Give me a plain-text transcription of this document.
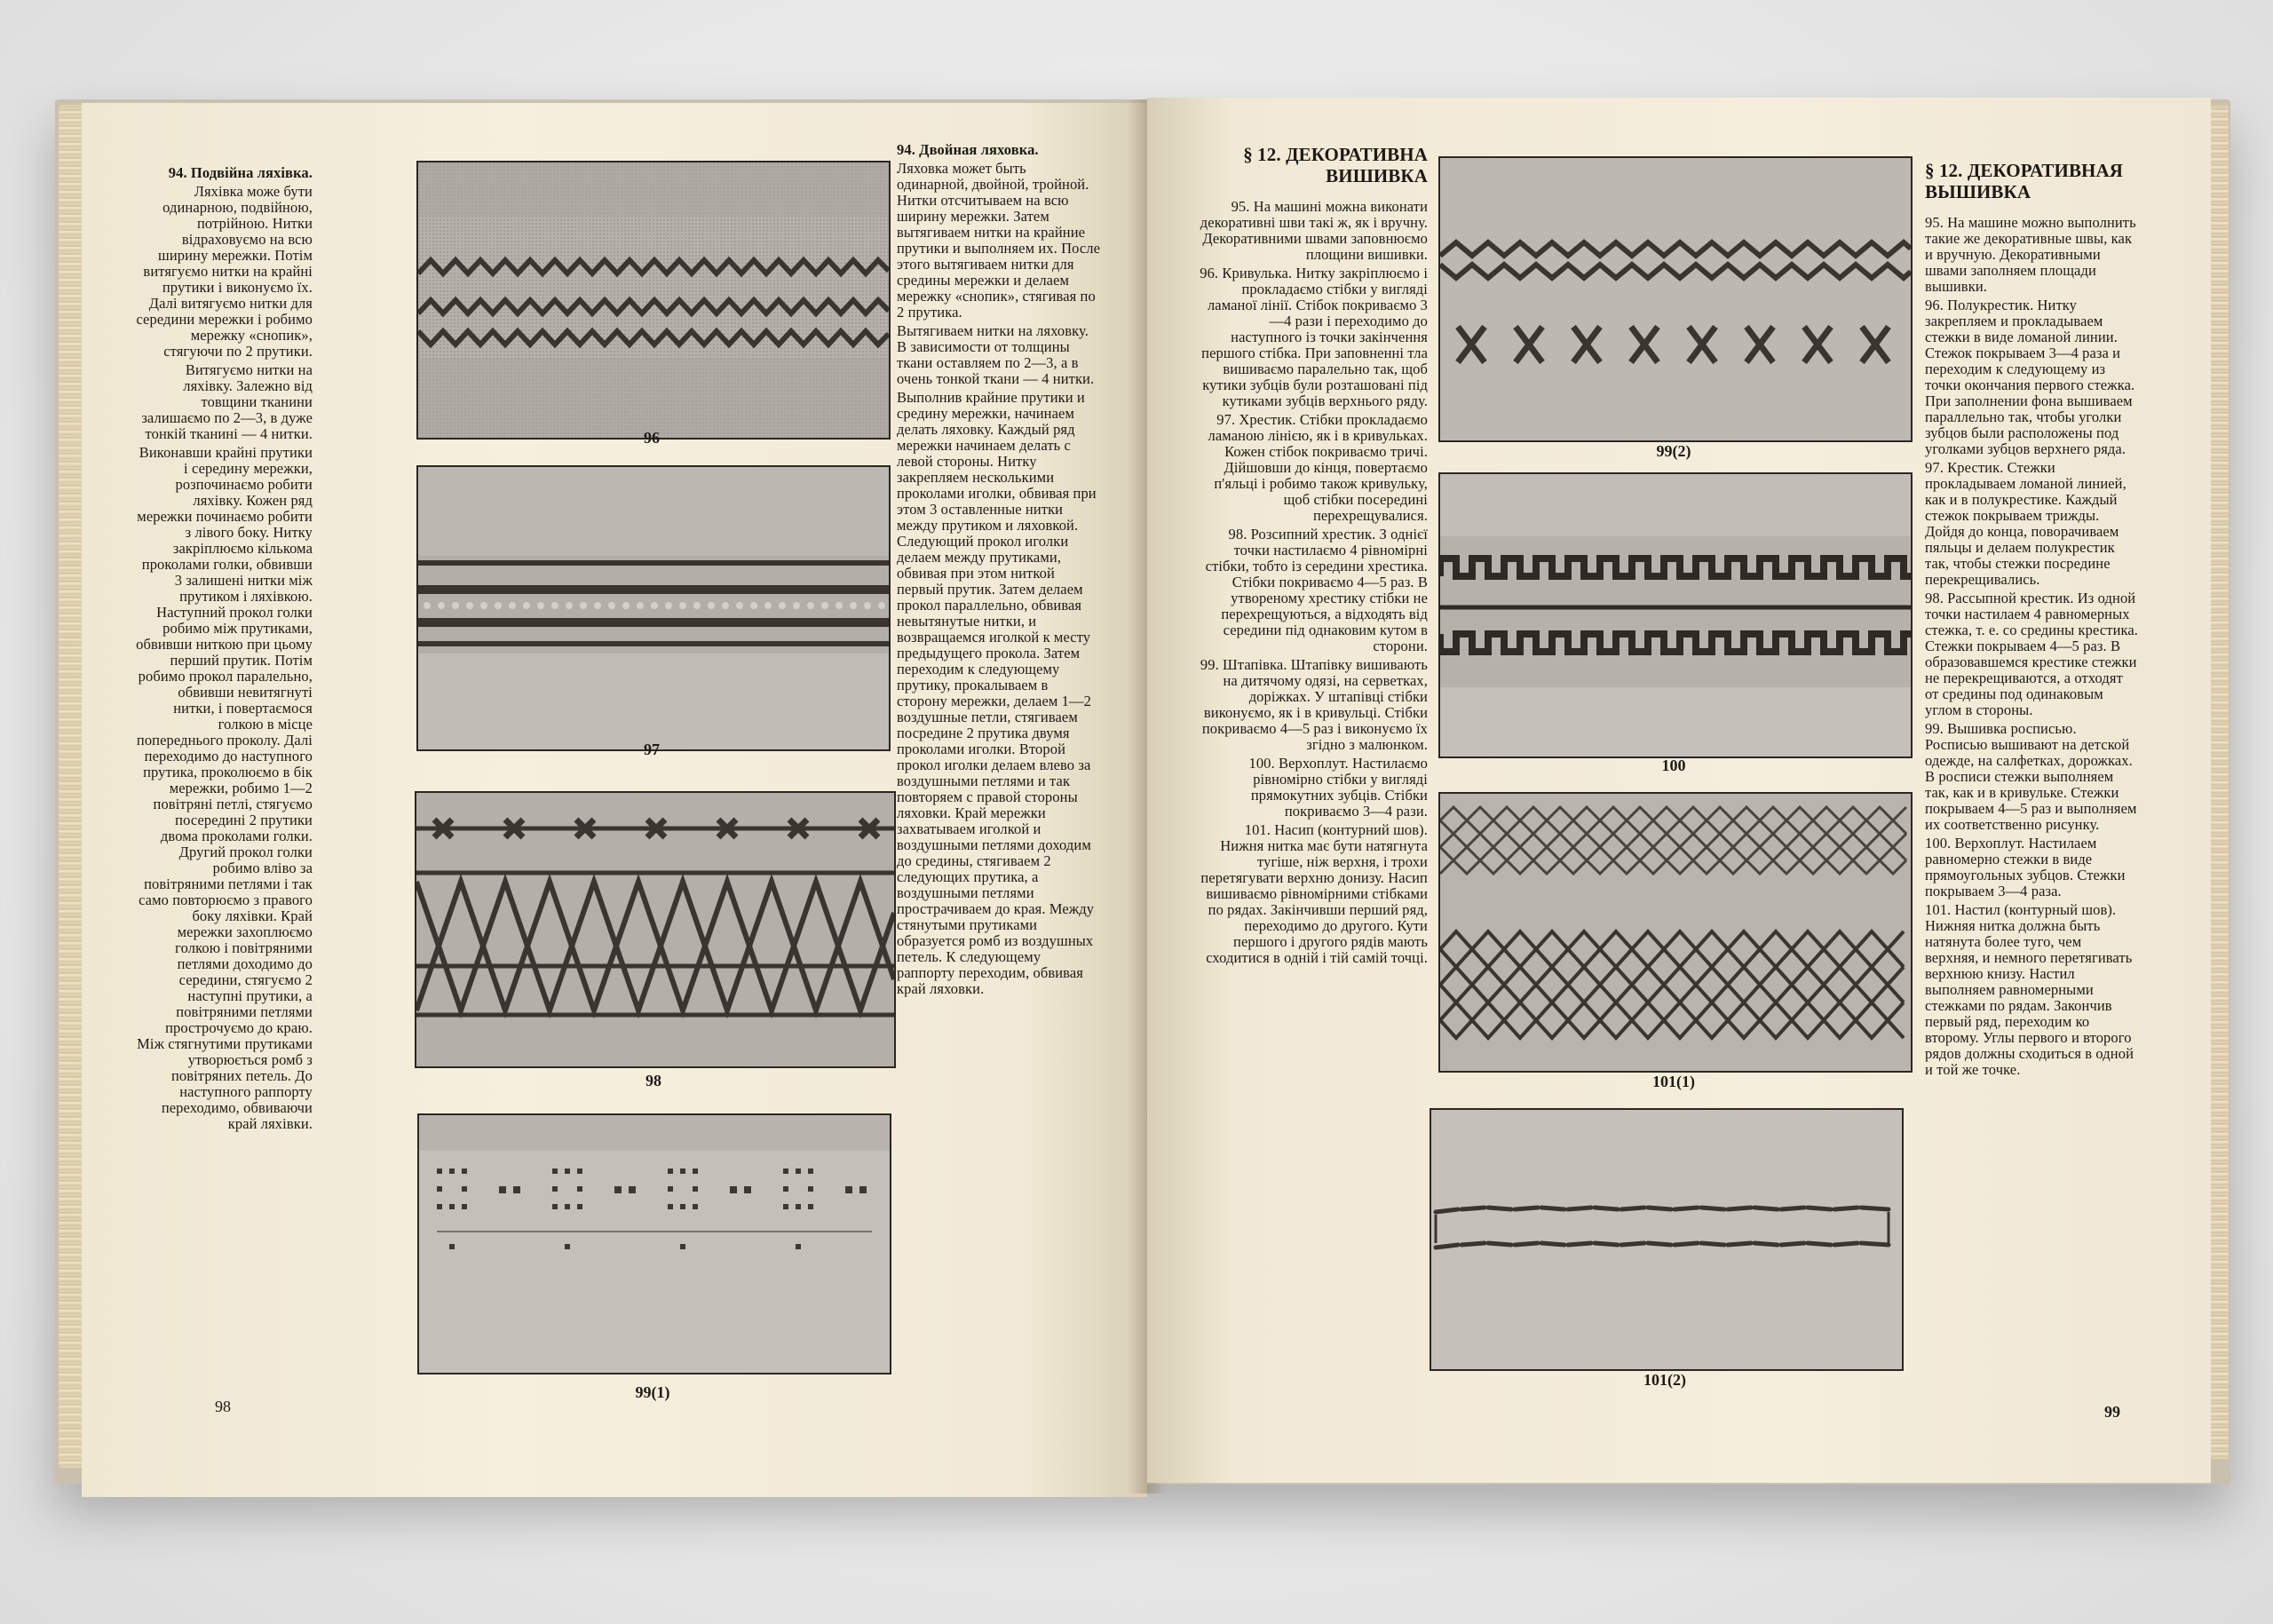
94. Подвійна ляхівка.

Ляхівка може бути одинарною, подвійною, потрійною. Нитки відраховуємо на всю ширину мережки. Потім витягуємо нитки на крайні прутики і виконуємо їх. Далі витягуємо нитки для середини мережки і робимо мережку «снопик», стягуючи по 2 прутики.

Витягуємо нитки на ляхівку. Залежно від товщини тканини залишаємо по 2—3, в дуже тонкій тканині — 4 нитки.

Виконавши крайні прутики і середину мережки, розпочинаємо робити ляхівку. Кожен ряд мережки починаємо робити з лівого боку. Нитку закріплюємо кількома проколами голки, обвивши 3 залишені нитки між прутиком і ляхівкою. Наступний прокол голки робимо між прутиками, обвивши ниткою при цьому перший прутик. Потім робимо прокол паралельно, обвивши невитягнуті нитки, і повертаємося голкою в місце попереднього проколу. Далі переходимо до наступного прутика, проколюємо в бік мережки, робимо 1—2 повітряні петлі, стягуємо посередині 2 прутики двома проколами голки. Другий прокол голки робимо вліво за повітряними петлями і так само повторюємо з правого боку ляхівки. Край мережки захоплюємо голкою і повітряними петлями доходимо до середини, стягуємо 2 наступні прутики, а повітряними петлями прострочуємо до краю. Між стягнутими прутиками утворюється ромб з повітряних петель. До наступного раппорту переходимо, обвиваючи край ляхівки.

96
97
98
99(1)

94. Двойная ляховка.

Ляховка может быть одинарной, двойной, тройной. Нитки отсчитываем на всю ширину мережки. Затем вытягиваем нитки на крайние прутики и выполняем их. После этого вытягиваем нитки для средины мережки и делаем мережку «снопик», стягивая по 2 прутика.

Вытягиваем нитки на ляховку. В зависимости от толщины ткани оставляем по 2—3, а в очень тонкой ткани — 4 нитки.

Выполнив крайние прутики и средину мережки, начинаем делать ляховку. Каждый ряд мережки начинаем делать с левой стороны. Нитку закрепляем несколькими проколами иголки, обвивая при этом 3 оставленные нитки между прутиком и ляховкой. Следующий прокол иголки делаем между прутиками, обвивая при этом ниткой первый прутик. Затем делаем прокол параллельно, обвивая невытянутые нитки, и возвращаемся иголкой к месту предыдущего прокола. Затем переходим к следующему прутику, прокалываем в сторону мережки, делаем 1—2 воздушные петли, стягиваем посредине 2 прутика двумя проколами иголки. Второй прокол иголки делаем влево за воздушными петлями и так повторяем с правой стороны ляховки. Край мережки захватываем иголкой и воздушными петлями доходим до средины, стягиваем 2 следующих прутика, а воздушными петлями прострачиваем до края. Между стянутыми прутиками образуется ромб из воздушных петель. К следующему раппорту переходим, обвивая край ляховки.

98
§ 12. ДЕКОРАТИВНА ВИШИВКА

95. На машині можна виконати декоративні шви такі ж, як і вручну. Декоративними швами заповнюємо площини вишивки.

96. Кривулька. Нитку закріплюємо і прокладаємо стібки у вигляді ламаної лінії. Стібок покриваємо 3—4 рази і переходимо до наступного із точки закінчення першого стібка. При заповненні тла вишиваємо паралельно так, щоб кутики зубців були розташовані під кутиками зубців верхнього ряду.

97. Хрестик. Стібки прокладаємо ламаною лінією, як і в кривульках. Кожен стібок покриваємо тричі. Дійшовши до кінця, повертаємо п'яльці і робимо також кривульку, щоб стібки посередині перехрещувалися.

98. Розсипний хрестик. З однієї точки настилаємо 4 рівномірні стібки, тобто із середини хрестика. Стібки покриваємо 4—5 раз. В утвореному хрестику стібки не перехрещуються, а відходять від середини під однаковим кутом в сторони.

99. Штапівка. Штапівку вишивають на дитячому одязі, на серветках, доріжках. У штапівці стібки виконуємо, як і в кривульці. Стібки покриваємо 4—5 раз і виконуємо їх згідно з малюнком.

100. Верхоплут. Настилаємо рівномірно стібки у вигляді прямокутних зубців. Стібки покриваємо 3—4 рази.

101. Насип (контурний шов). Нижня нитка має бути натягнута тугіше, ніж верхня, і трохи перетягувати верхню донизу. Насип вишиваємо рівномірними стібками по рядах. Закінчивши перший ряд, переходимо до другого. Кути першого і другого рядів мають сходитися в одній і тій самій точці.

99(2)
100
101(1)
101(2)
§ 12. ДЕКОРАТИВНАЯ ВЫШИВКА

95. На машине можно выполнить такие же декоративные швы, как и вручную. Декоративными швами заполняем площади вышивки.

96. Полукрестик. Нитку закрепляем и прокладываем стежки в виде ломаной линии. Стежок покрываем 3—4 раза и переходим к следующему из точки окончания первого стежка. При заполнении фона вышиваем параллельно так, чтобы уголки зубцов были расположены под уголками зубцов верхнего ряда.

97. Крестик. Стежки прокладываем ломаной линией, как и в полукрестике. Каждый стежок покрываем трижды. Дойдя до конца, поворачиваем пяльцы и делаем полукрестик так, чтобы стежки посредине перекрещивались.

98. Рассыпной крестик. Из одной точки настилаем 4 равномерных стежка, т. е. со средины крестика. Стежки покрываем 4—5 раз. В образовавшемся крестике стежки не перекрещиваются, а отходят от средины под одинаковым углом в стороны.

99. Вышивка росписью. Росписью вышивают на детской одежде, на салфетках, дорожках. В росписи стежки выполняем так, как и в кривульке. Стежки покрываем 4—5 раз и выполняем их соответственно рисунку.

100. Верхоплут. Настилаем равномерно стежки в виде прямоугольных зубцов. Стежки покрываем 3—4 раза.

101. Настил (контурный шов). Нижняя нитка должна быть натянута более туго, чем верхняя, и немного перетягивать верхнюю книзу. Настил выполняем равномерными стежками по рядам. Закончив первый ряд, переходим ко второму. Углы первого и второго рядов должны сходиться в одной и той же точке.

99
